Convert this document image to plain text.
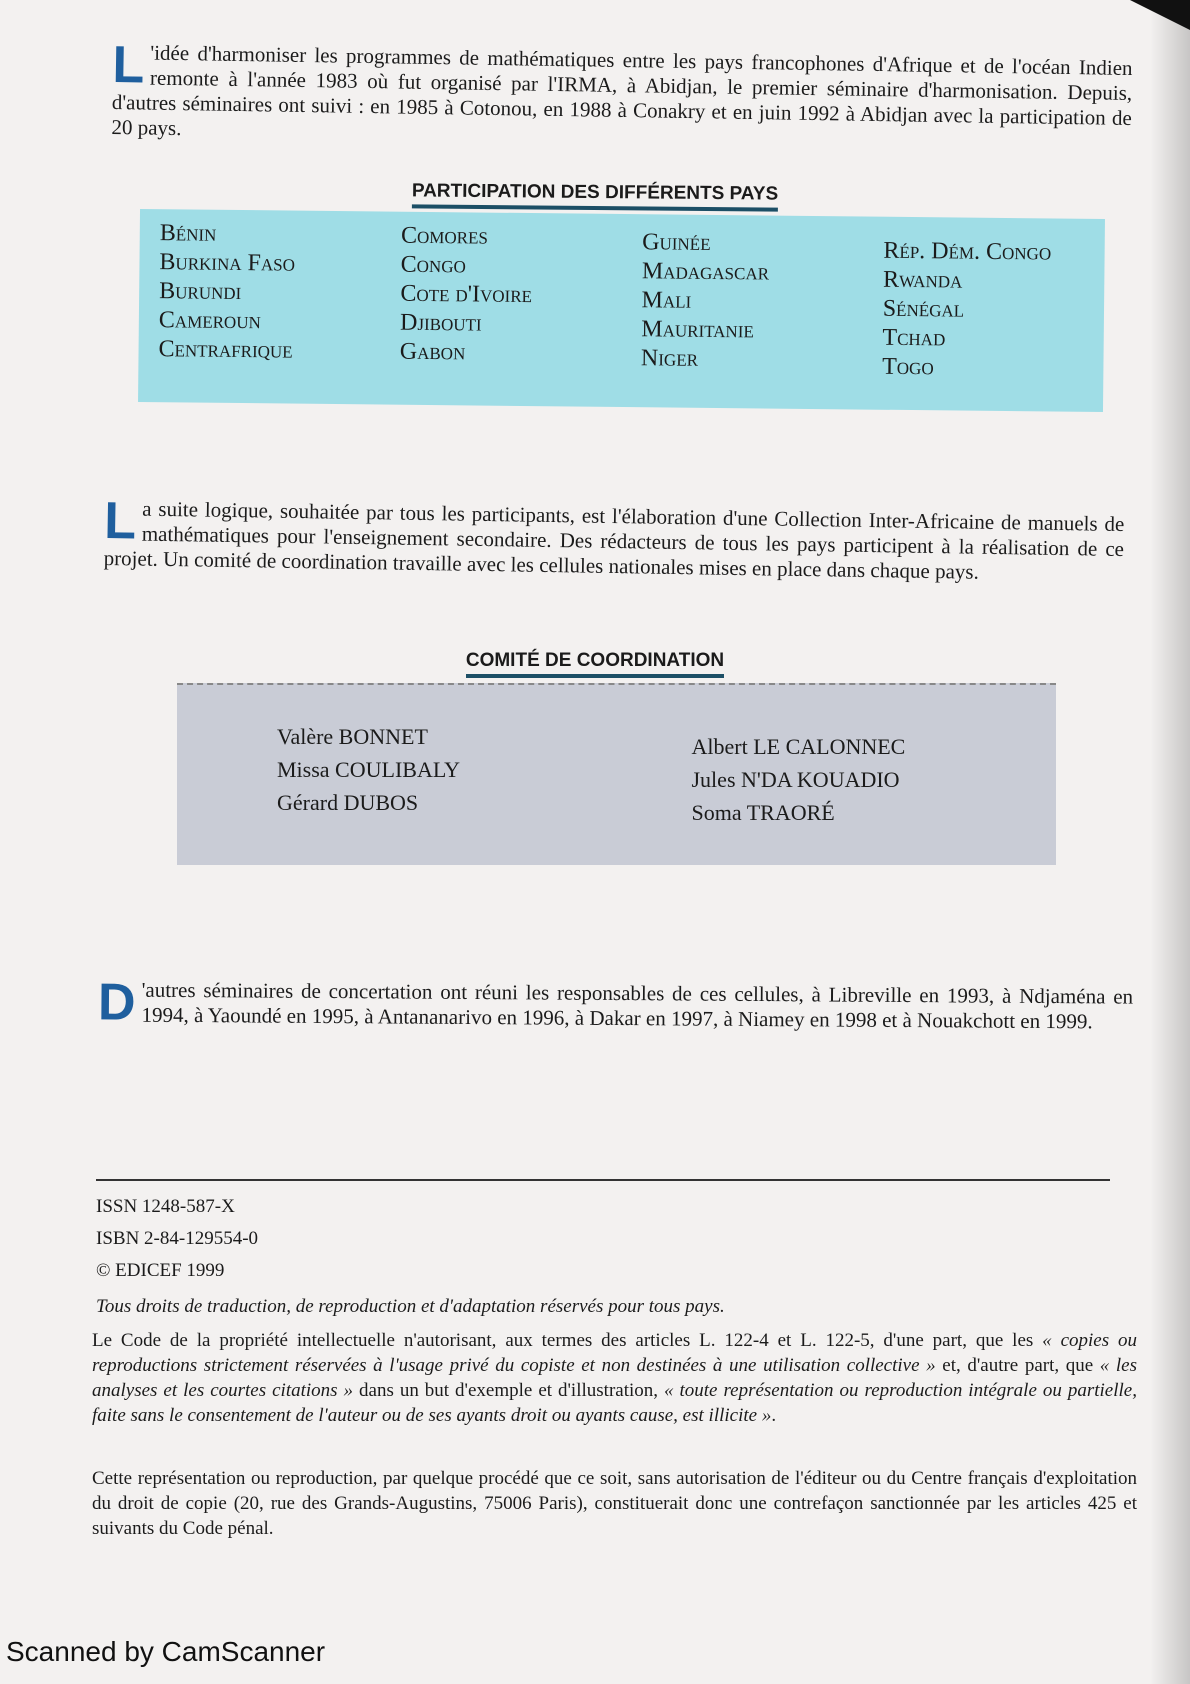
L 'idée d'harmoniser les programmes de mathématiques entre les pays francophones d'Afrique et de l'océan Indien remonte à l'année 1983 où fut organisé par l'IRMA, à Abidjan, le premier séminaire d'harmonisation. Depuis, d'autres séminaires ont suivi : en 1985 à Cotonou, en 1988 à Conakry et en juin 1992 à Abidjan avec la participation de 20 pays.
PARTICIPATION DES DIFFÉRENTS PAYS
Bénin
Burkina Faso
Burundi
Cameroun
Centrafrique
Comores
Congo
Cote d'Ivoire
Djibouti
Gabon
Guinée
Madagascar
Mali
Mauritanie
Niger
Rép. Dém. Congo
Rwanda
Sénégal
Tchad
Togo
La suite logique, souhaitée par tous les participants, est l'élaboration d'une Collection Inter-Africaine de manuels de mathématiques pour l'enseignement secondaire. Des rédacteurs de tous les pays participent à la réalisation de ce projet. Un comité de coordination travaille avec les cellules nationales mises en place dans chaque pays.
COMITÉ DE COORDINATION
Valère BONNET
Missa COULIBALY
Gérard DUBOS
Albert LE CALONNEC
Jules N'DA KOUADIO
Soma TRAORÉ
D 'autres séminaires de concertation ont réuni les responsables de ces cellules, à Libreville en 1993, à Ndjaména en 1994, à Yaoundé en 1995, à Antananarivo en 1996, à Dakar en 1997, à Niamey en 1998 et à Nouakchott en 1999.
ISSN 1248-587-X
ISBN 2-84-129554-0
© EDICEF 1999
Tous droits de traduction, de reproduction et d'adaptation réservés pour tous pays.
Le Code de la propriété intellectuelle n'autorisant, aux termes des articles L. 122-4 et L. 122-5, d'une part, que les « copies ou reproductions strictement réservées à l'usage privé du copiste et non destinées à une utilisation collective » et, d'autre part, que « les analyses et les courtes citations » dans un but d'exemple et d'illustration, « toute représentation ou reproduction intégrale ou partielle, faite sans le consentement de l'auteur ou de ses ayants droit ou ayants cause, est illicite ».
Cette représentation ou reproduction, par quelque procédé que ce soit, sans autorisation de l'éditeur ou du Centre français d'exploitation du droit de copie (20, rue des Grands-Augustins, 75006 Paris), constituerait donc une contrefaçon sanctionnée par les articles 425 et suivants du Code pénal.
Scanned by CamScanner
